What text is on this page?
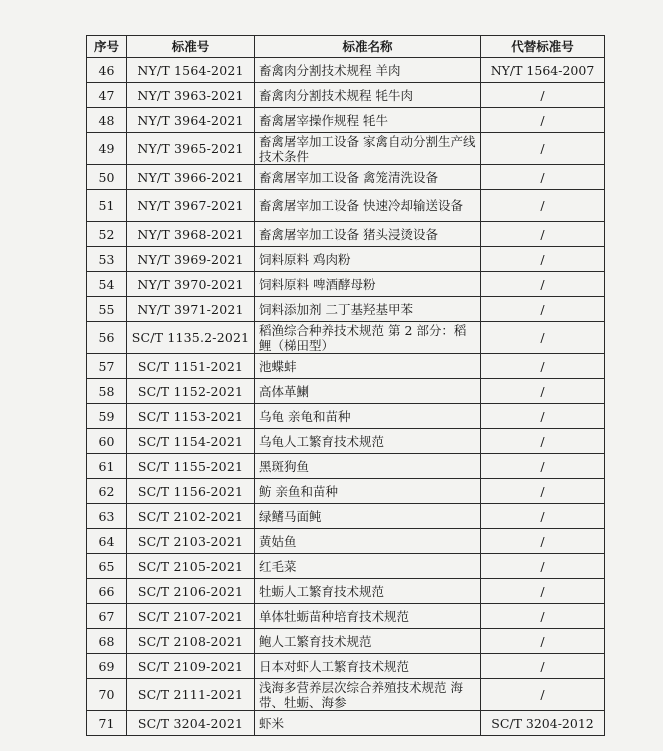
序号	标准号	标准名称	代替标准号
46	NY/T 1564-2021	畜禽肉分割技术规程 羊肉	NY/T 1564-2007
47	NY/T 3963-2021	畜禽肉分割技术规程 牦牛肉	/
48	NY/T 3964-2021	畜禽屠宰操作规程 牦牛	/
49	NY/T 3965-2021	畜禽屠宰加工设备 家禽自动分割生产线技术条件	/
50	NY/T 3966-2021	畜禽屠宰加工设备 禽笼清洗设备	/
51	NY/T 3967-2021	畜禽屠宰加工设备 快速冷却输送设备	/
52	NY/T 3968-2021	畜禽屠宰加工设备 猪头浸烫设备	/
53	NY/T 3969-2021	饲料原料 鸡肉粉	/
54	NY/T 3970-2021	饲料原料 啤酒酵母粉	/
55	NY/T 3971-2021	饲料添加剂 二丁基羟基甲苯	/
56	SC/T 1135.2-2021	稻渔综合种养技术规范 第 2 部分：稻鲤（梯田型）	/
57	SC/T 1151-2021	池蝶蚌	/
58	SC/T 1152-2021	高体革鯻	/
59	SC/T 1153-2021	乌龟 亲龟和苗种	/
60	SC/T 1154-2021	乌龟人工繁育技术规范	/
61	SC/T 1155-2021	黑斑狗鱼	/
62	SC/T 1156-2021	鲂 亲鱼和苗种	/
63	SC/T 2102-2021	绿鳍马面鲀	/
64	SC/T 2103-2021	黄姑鱼	/
65	SC/T 2105-2021	红毛菜	/
66	SC/T 2106-2021	牡蛎人工繁育技术规范	/
67	SC/T 2107-2021	单体牡蛎苗种培育技术规范	/
68	SC/T 2108-2021	鲍人工繁育技术规范	/
69	SC/T 2109-2021	日本对虾人工繁育技术规范	/
70	SC/T 2111-2021	浅海多营养层次综合养殖技术规范 海带、牡蛎、海参	/
71	SC/T 3204-2021	虾米	SC/T 3204-2012
